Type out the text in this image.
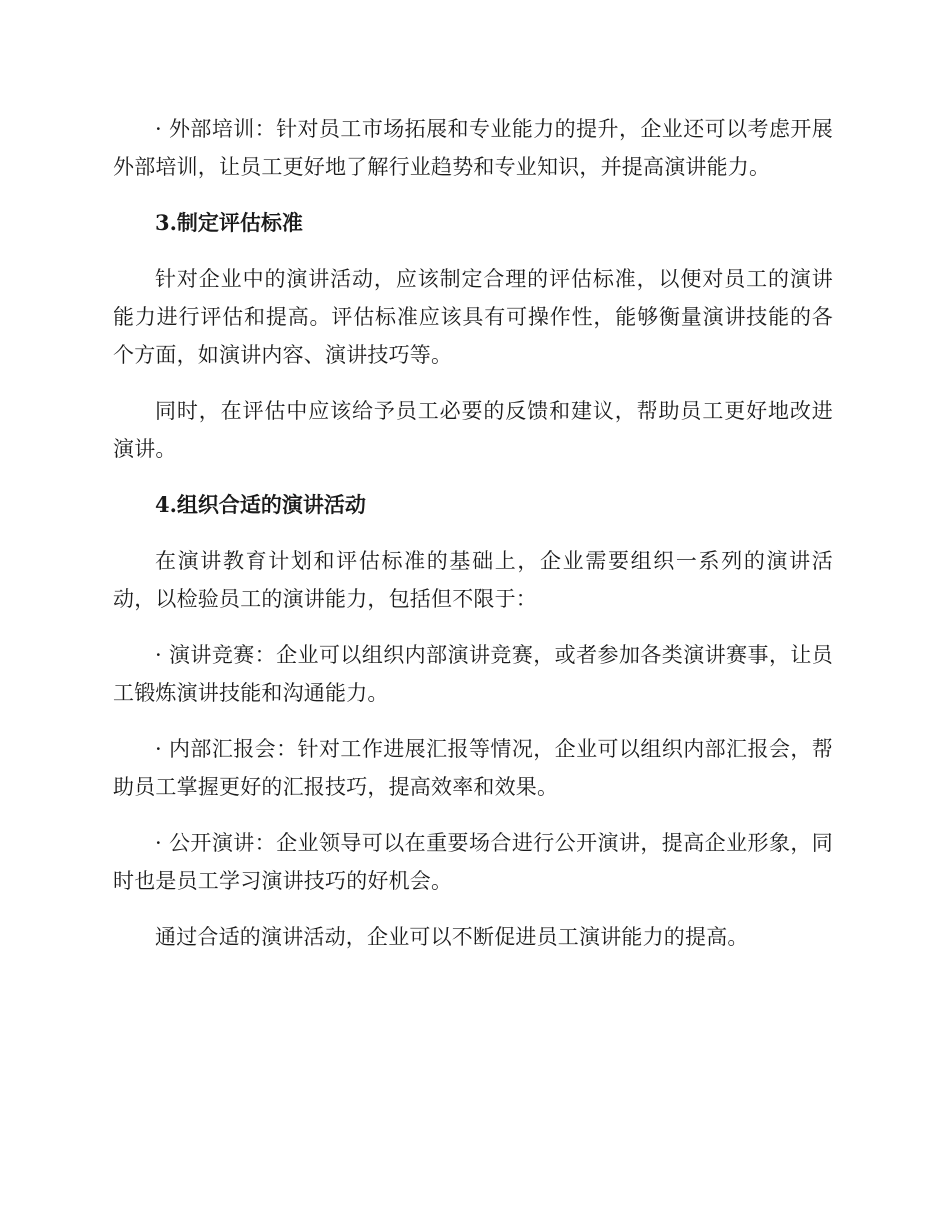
· 外部培训：针对员工市场拓展和专业能力的提升，企业还可以考虑开展外部培训，让员工更好地了解行业趋势和专业知识，并提高演讲能力。

3.制定评估标准

针对企业中的演讲活动，应该制定合理的评估标准，以便对员工的演讲能力进行评估和提高。评估标准应该具有可操作性，能够衡量演讲技能的各个方面，如演讲内容、演讲技巧等。

同时，在评估中应该给予员工必要的反馈和建议，帮助员工更好地改进演讲。

4.组织合适的演讲活动

在演讲教育计划和评估标准的基础上，企业需要组织一系列的演讲活动，以检验员工的演讲能力，包括但不限于：

· 演讲竞赛：企业可以组织内部演讲竞赛，或者参加各类演讲赛事，让员工锻炼演讲技能和沟通能力。

· 内部汇报会：针对工作进展汇报等情况，企业可以组织内部汇报会，帮助员工掌握更好的汇报技巧，提高效率和效果。

· 公开演讲：企业领导可以在重要场合进行公开演讲，提高企业形象，同时也是员工学习演讲技巧的好机会。

通过合适的演讲活动，企业可以不断促进员工演讲能力的提高。
